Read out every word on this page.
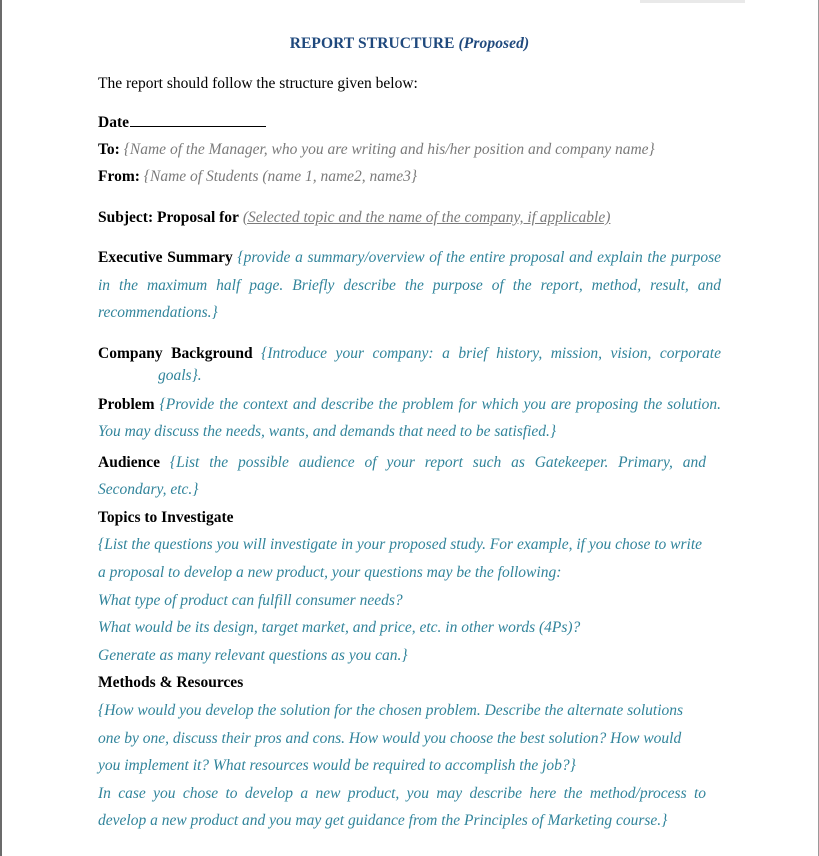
REPORT STRUCTURE (Proposed)
The report should follow the structure given below:
Date
To: {Name of the Manager, who you are writing and his/her position and company name}
From: {Name of Students (name 1, name2, name3}
Subject: Proposal for (Selected topic and the name of the company, if applicable)
Executive Summary {provide a summary/overview of the entire proposal and explain the purpose
in the maximum half page. Briefly describe the purpose of the report, method, result, and
recommendations.}
Company Background {Introduce your company: a brief history, mission, vision, corporate
goals}.
Problem {Provide the context and describe the problem for which you are proposing the solution.
You may discuss the needs, wants, and demands that need to be satisfied.}
Audience {List the possible audience of your report such as Gatekeeper. Primary, and
Secondary, etc.}
Topics to Investigate
{List the questions you will investigate in your proposed study. For example, if you chose to write
a proposal to develop a new product, your questions may be the following:
What type of product can fulfill consumer needs?
What would be its design, target market, and price, etc. in other words (4Ps)?
Generate as many relevant questions as you can.}
Methods & Resources
{How would you develop the solution for the chosen problem. Describe the alternate solutions
one by one, discuss their pros and cons. How would you choose the best solution? How would
you implement it? What resources would be required to accomplish the job?}
In case you chose to develop a new product, you may describe here the method/process to
develop a new product and you may get guidance from the Principles of Marketing course.}
